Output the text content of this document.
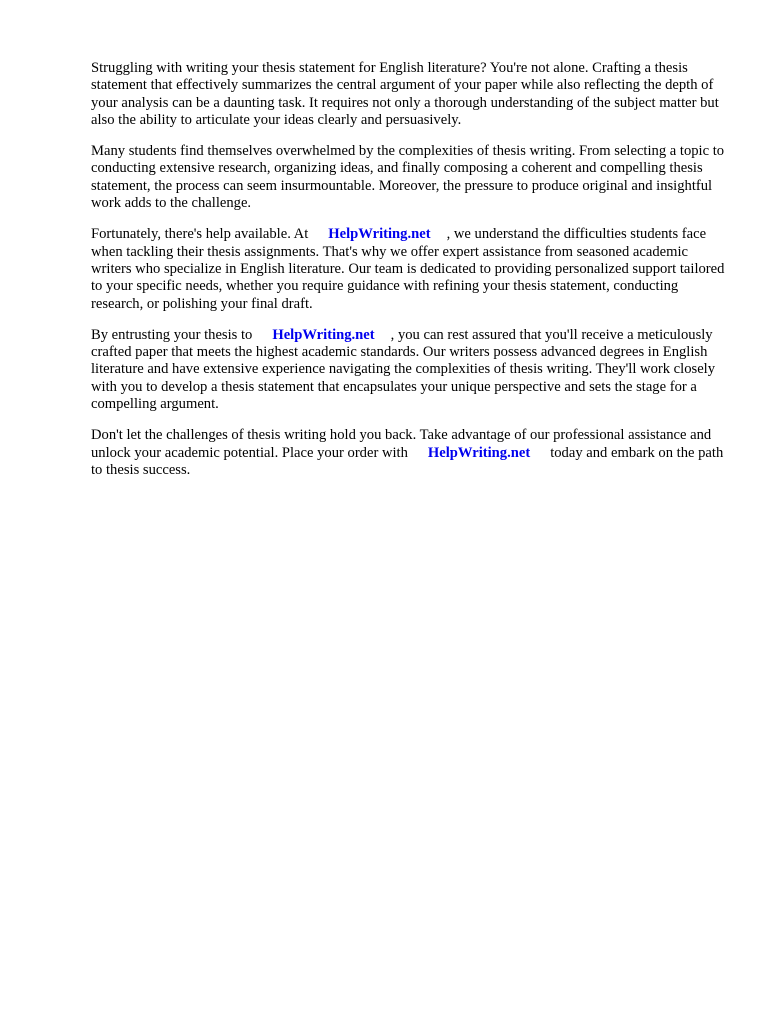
Struggling with writing your thesis statement for English literature? You're not alone. Crafting a thesis statement that effectively summarizes the central argument of your paper while also reflecting the depth of your analysis can be a daunting task. It requires not only a thorough understanding of the subject matter but also the ability to articulate your ideas clearly and persuasively.

Many students find themselves overwhelmed by the complexities of thesis writing. From selecting a topic to conducting extensive research, organizing ideas, and finally composing a coherent and compelling thesis statement, the process can seem insurmountable. Moreover, the pressure to produce original and insightful work adds to the challenge.

Fortunately, there's help available. At HelpWriting.net , we understand the difficulties students face when tackling their thesis assignments. That's why we offer expert assistance from seasoned academic writers who specialize in English literature. Our team is dedicated to providing personalized support tailored to your specific needs, whether you require guidance with refining your thesis statement, conducting research, or polishing your final draft.

By entrusting your thesis to HelpWriting.net , you can rest assured that you'll receive a meticulously crafted paper that meets the highest academic standards. Our writers possess advanced degrees in English literature and have extensive experience navigating the complexities of thesis writing. They'll work closely with you to develop a thesis statement that encapsulates your unique perspective and sets the stage for a compelling argument.

Don't let the challenges of thesis writing hold you back. Take advantage of our professional assistance and unlock your academic potential. Place your order with HelpWriting.net today and embark on the path to thesis success.
